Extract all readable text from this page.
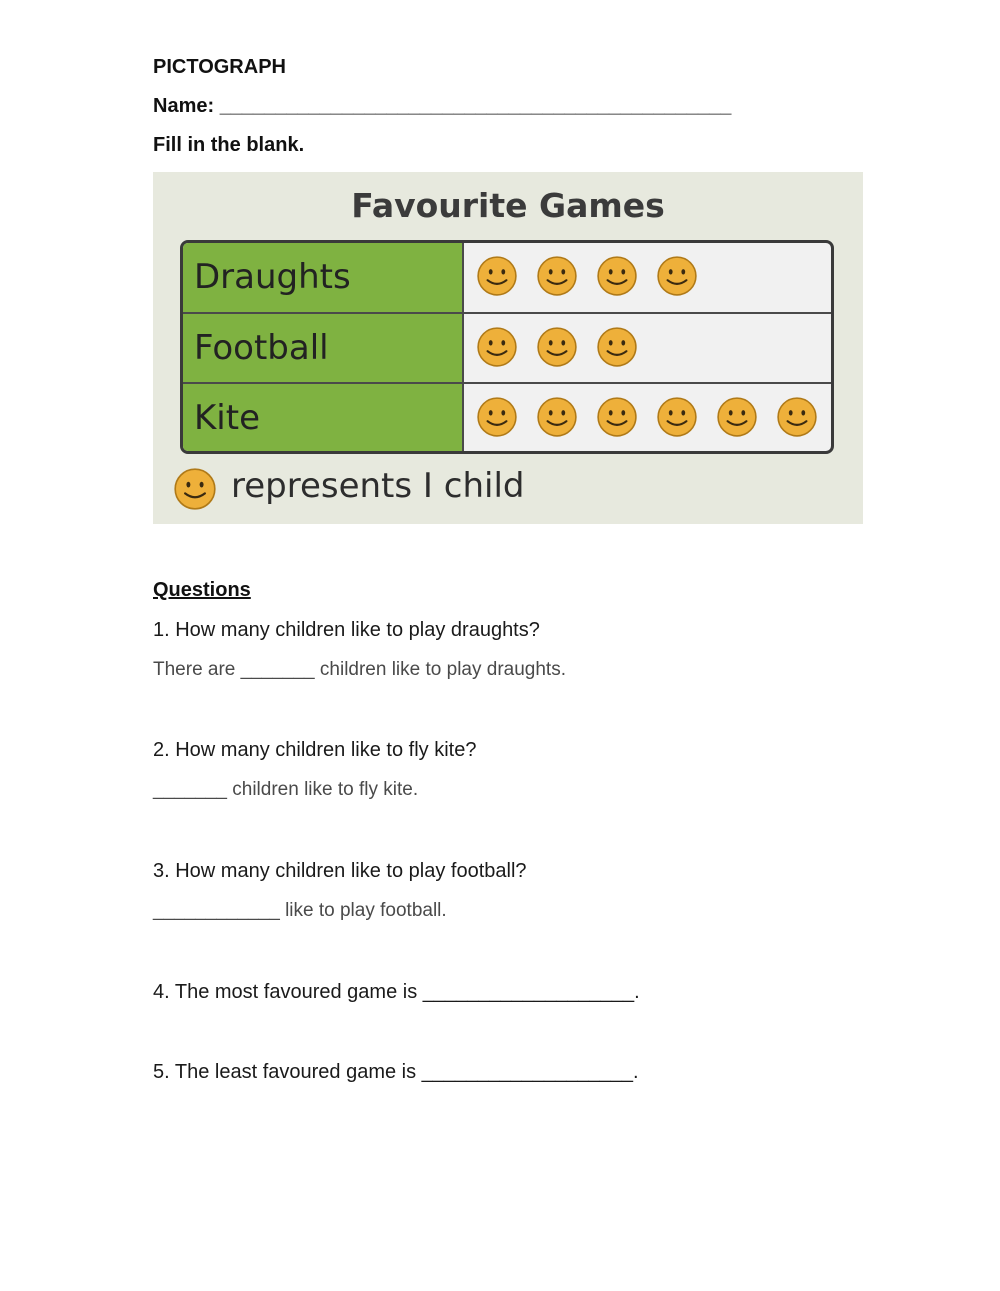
PICTOGRAPH
Name: ______________________________________________
Fill in the blank.
Favourite Games
Draughts
Football
Kite
represents I child
Questions
1. How many children like to play draughts?
There are _______ children like to play draughts.
2. How many children like to fly kite?
_______ children like to fly kite.
3. How many children like to play football?
____________ like to play football.
4. The most favoured game is ___________________.
5. The least favoured game is ___________________.
